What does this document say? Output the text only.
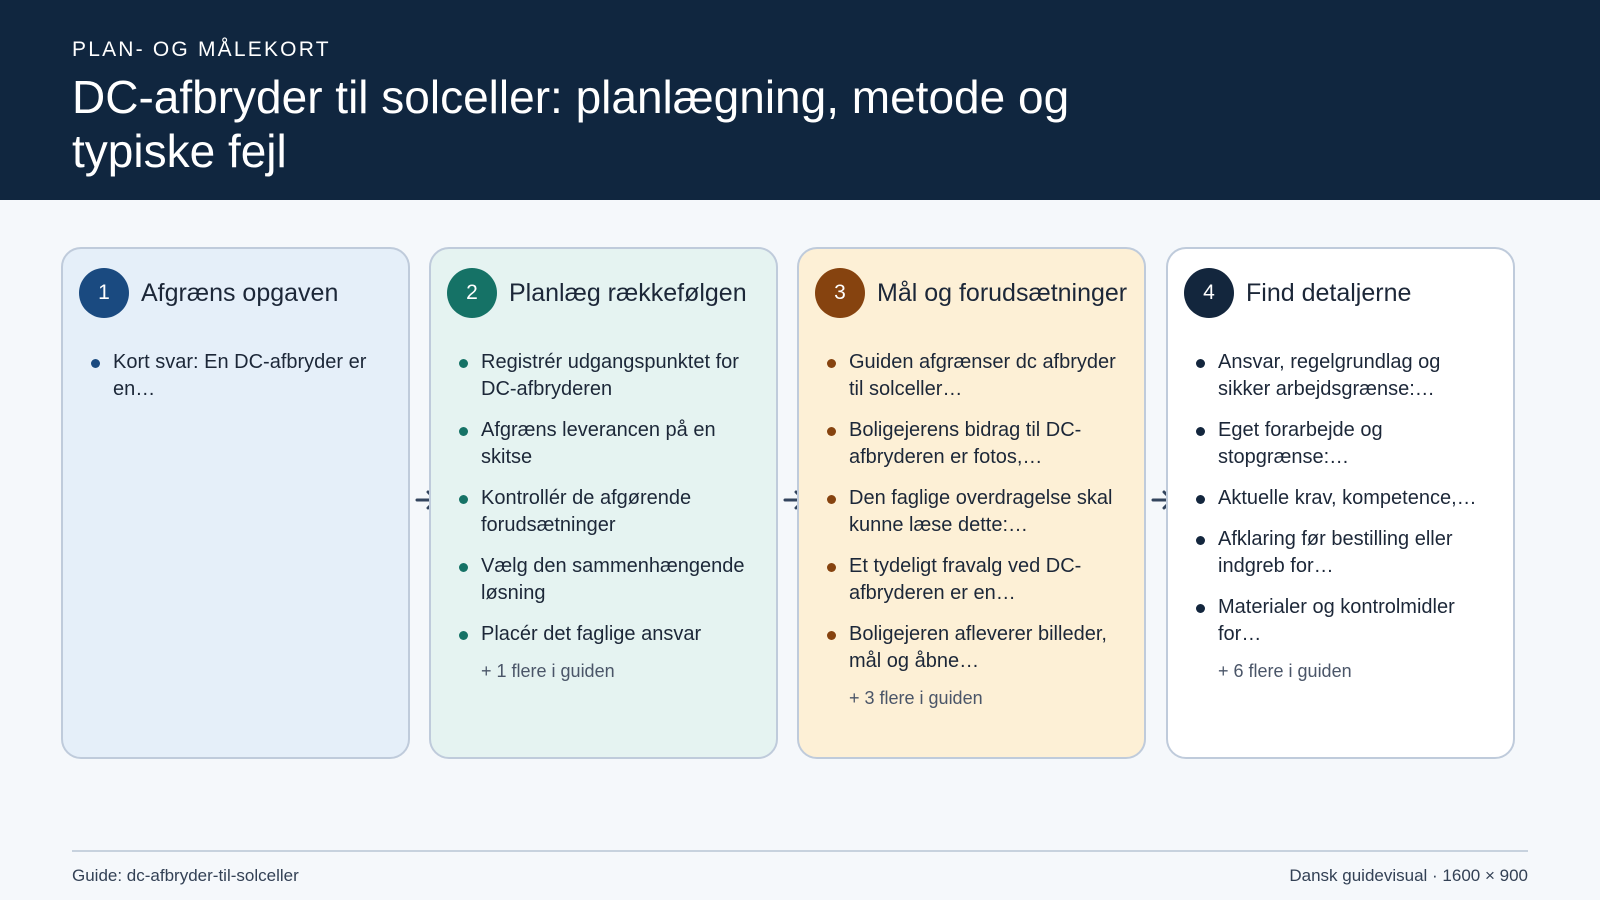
PLAN- OG MÅLEKORT
DC-afbryder til solceller: planlægning, metode og typiske fejl
1	Afgræns opgaven
Kort svar: En DC-afbryder er en…
2	Planlæg rækkefølgen
Registrér udgangspunktet for DC-afbryderen
Afgræns leverancen på en skitse
Kontrollér de afgørende forudsætninger
Vælg den sammenhængende løsning
Placér det faglige ansvar
+ 1 flere i guiden
3	Mål og forudsætninger
Guiden afgrænser dc afbryder til solceller…
Boligejerens bidrag til DC-afbryderen er fotos,…
Den faglige overdragelse skal kunne læse dette:…
Et tydeligt fravalg ved DC-afbryderen er en…
Boligejeren afleverer billeder, mål og åbne…
+ 3 flere i guiden
4	Find detaljerne
Ansvar, regelgrundlag og sikker arbejdsgrænse:…
Eget forarbejde og stopgrænse:…
Aktuelle krav, kompetence,…
Afklaring før bestilling eller indgreb for…
Materialer og kontrolmidler for…
+ 6 flere i guiden
Guide: dc-afbryder-til-solceller	Dansk guidevisual · 1600 × 900
